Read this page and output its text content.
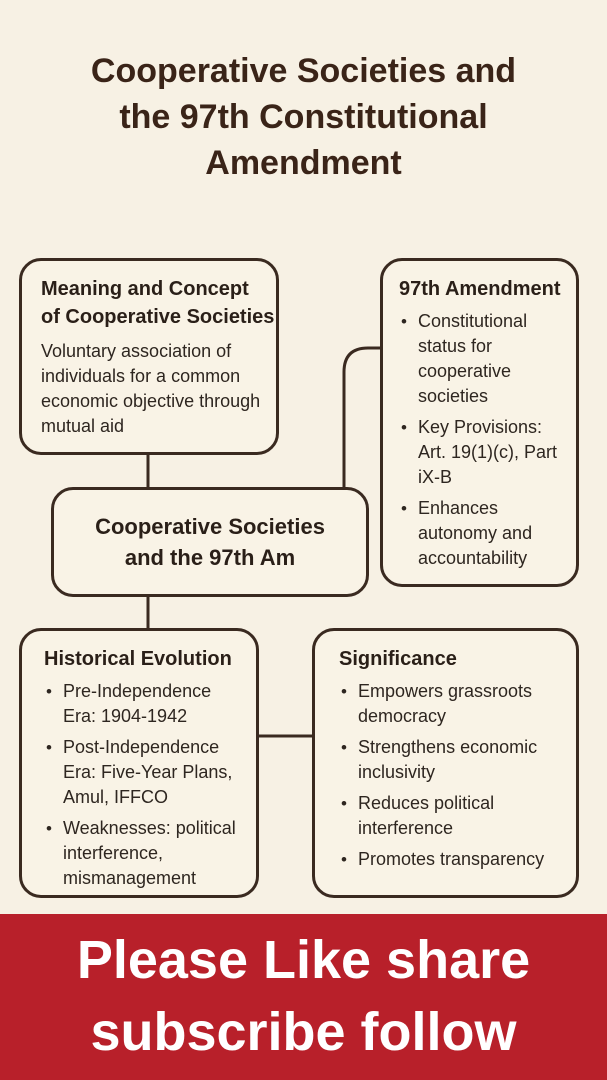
Cooperative Societies and
the 97th Constitutional
Amendment
Meaning and Concept
of Cooperative Societies

Voluntary association of individuals for a common economic objective through mutual aid

97th Amendment
• Constitutional status for cooperative societies
• Key Provisions: Art. 19(1)(c), Part iX-B
• Enhances autonomy and accountability
Cooperative Societies
and the 97th Am
Historical Evolution
• Pre-Independence Era: 1904-1942
• Post-Independence Era: Five-Year Plans, Amul, IFFCO
• Weaknesses: political interference, mismanagement
Significance
• Empowers grassroots democracy
• Strengthens economic inclusivity
• Reduces political interference
• Promotes transparency
Please Like share
subscribe follow
